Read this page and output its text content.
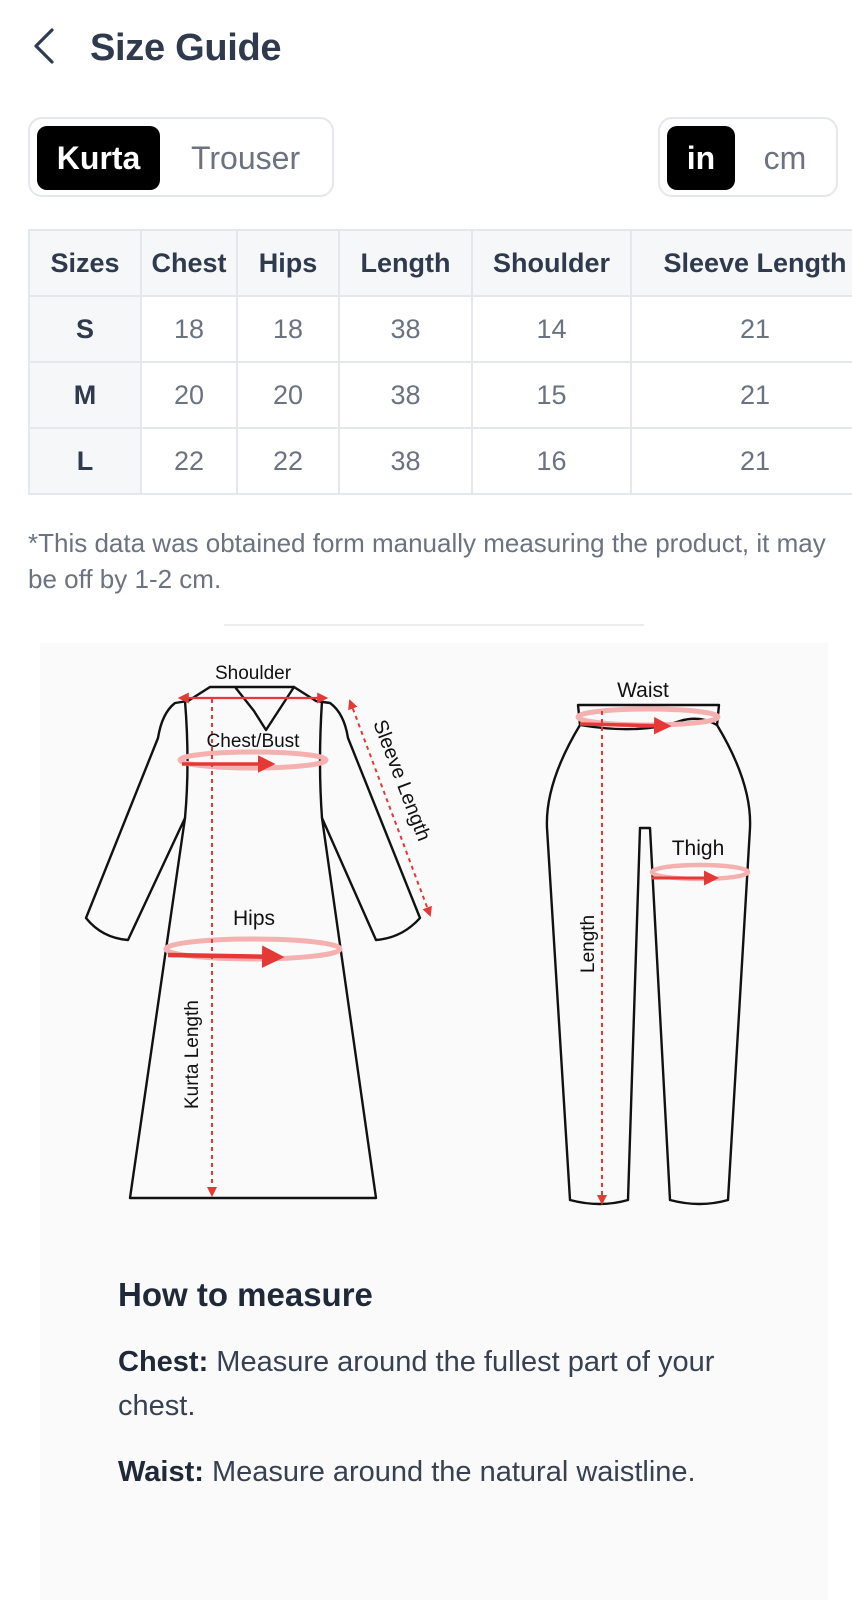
Size Guide
Kurta	Trouser	in	cm
Sizes	Chest	Hips	Length	Shoulder	Sleeve Length
S	18	18	38	14	21
M	20	20	38	15	21
L	22	22	38	16	21
*This data was obtained form manually measuring the product, it may be off by 1-2 cm.
Shoulder
Chest/Bust	Sleeve Length
Hips
Kurta Length
Waist
Thigh
Length
How to measure
Chest: Measure around the fullest part of your chest.
Waist: Measure around the natural waistline.
